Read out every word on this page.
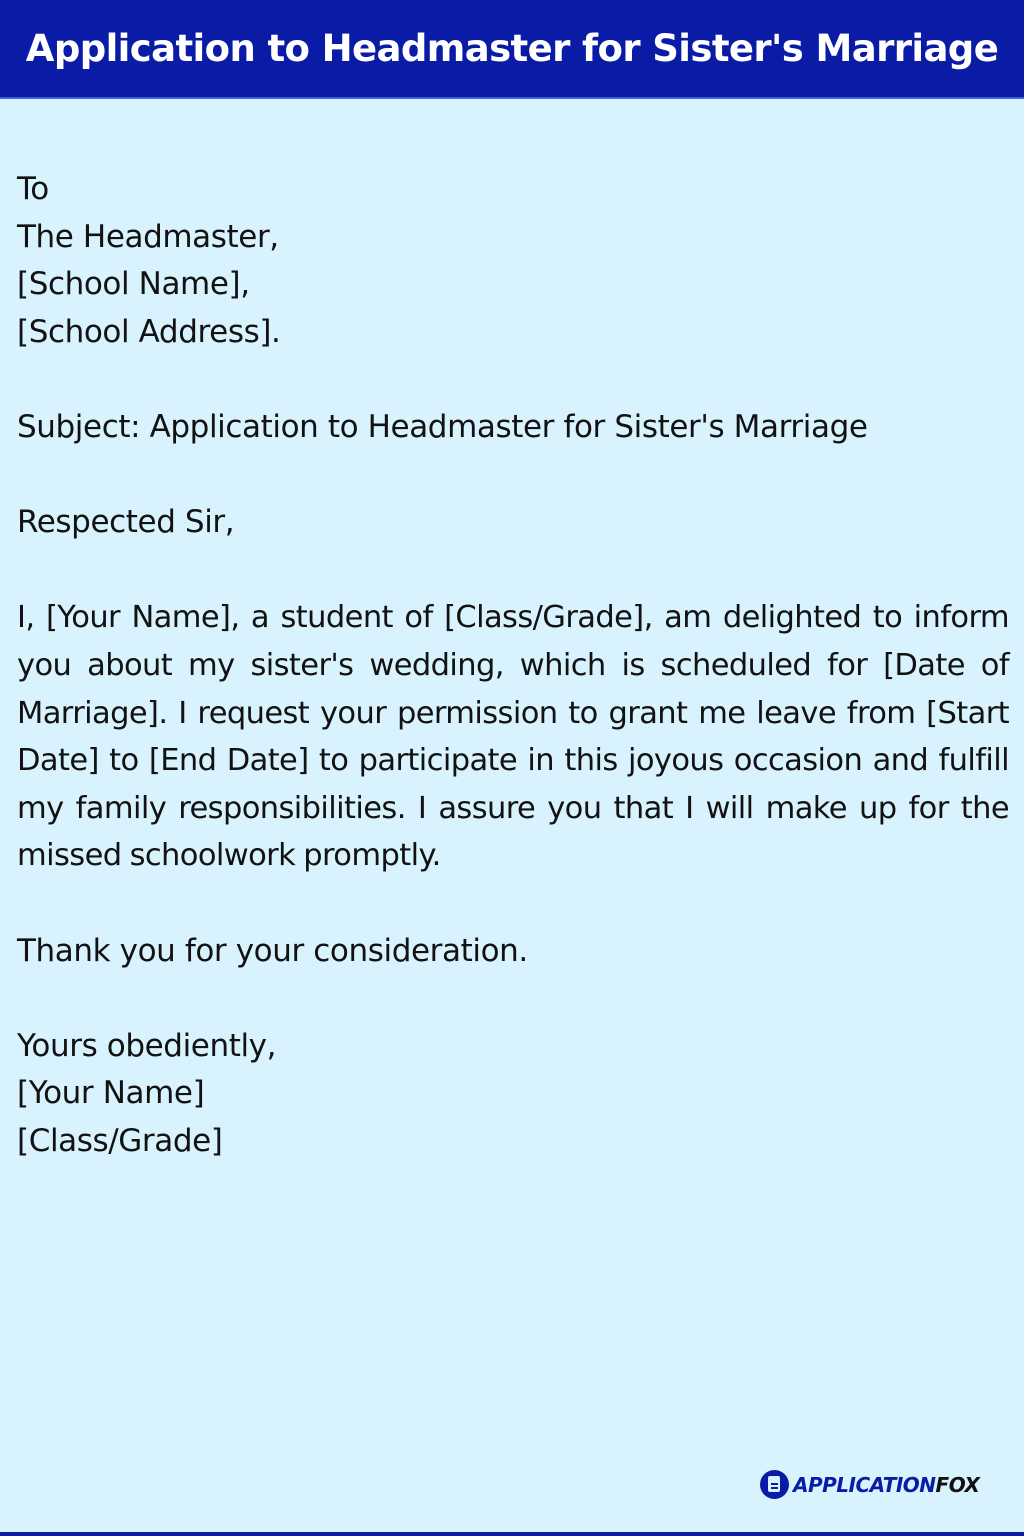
Application to Headmaster for Sister's Marriage
To
The Headmaster,
[School Name],
[School Address].
Subject: Application to Headmaster for Sister's Marriage
Respected Sir,
I, [Your Name], a student of [Class/Grade], am delighted to inform you about my sister's wedding, which is scheduled for [Date of Marriage]. I request your permission to grant me leave from [Start Date] to [End Date] to participate in this joyous occasion and fulfill my family responsibilities. I assure you that I will make up for the missed schoolwork promptly.
Thank you for your consideration.
Yours obediently,
[Your Name]
[Class/Grade]
APPLICATIONFOX
